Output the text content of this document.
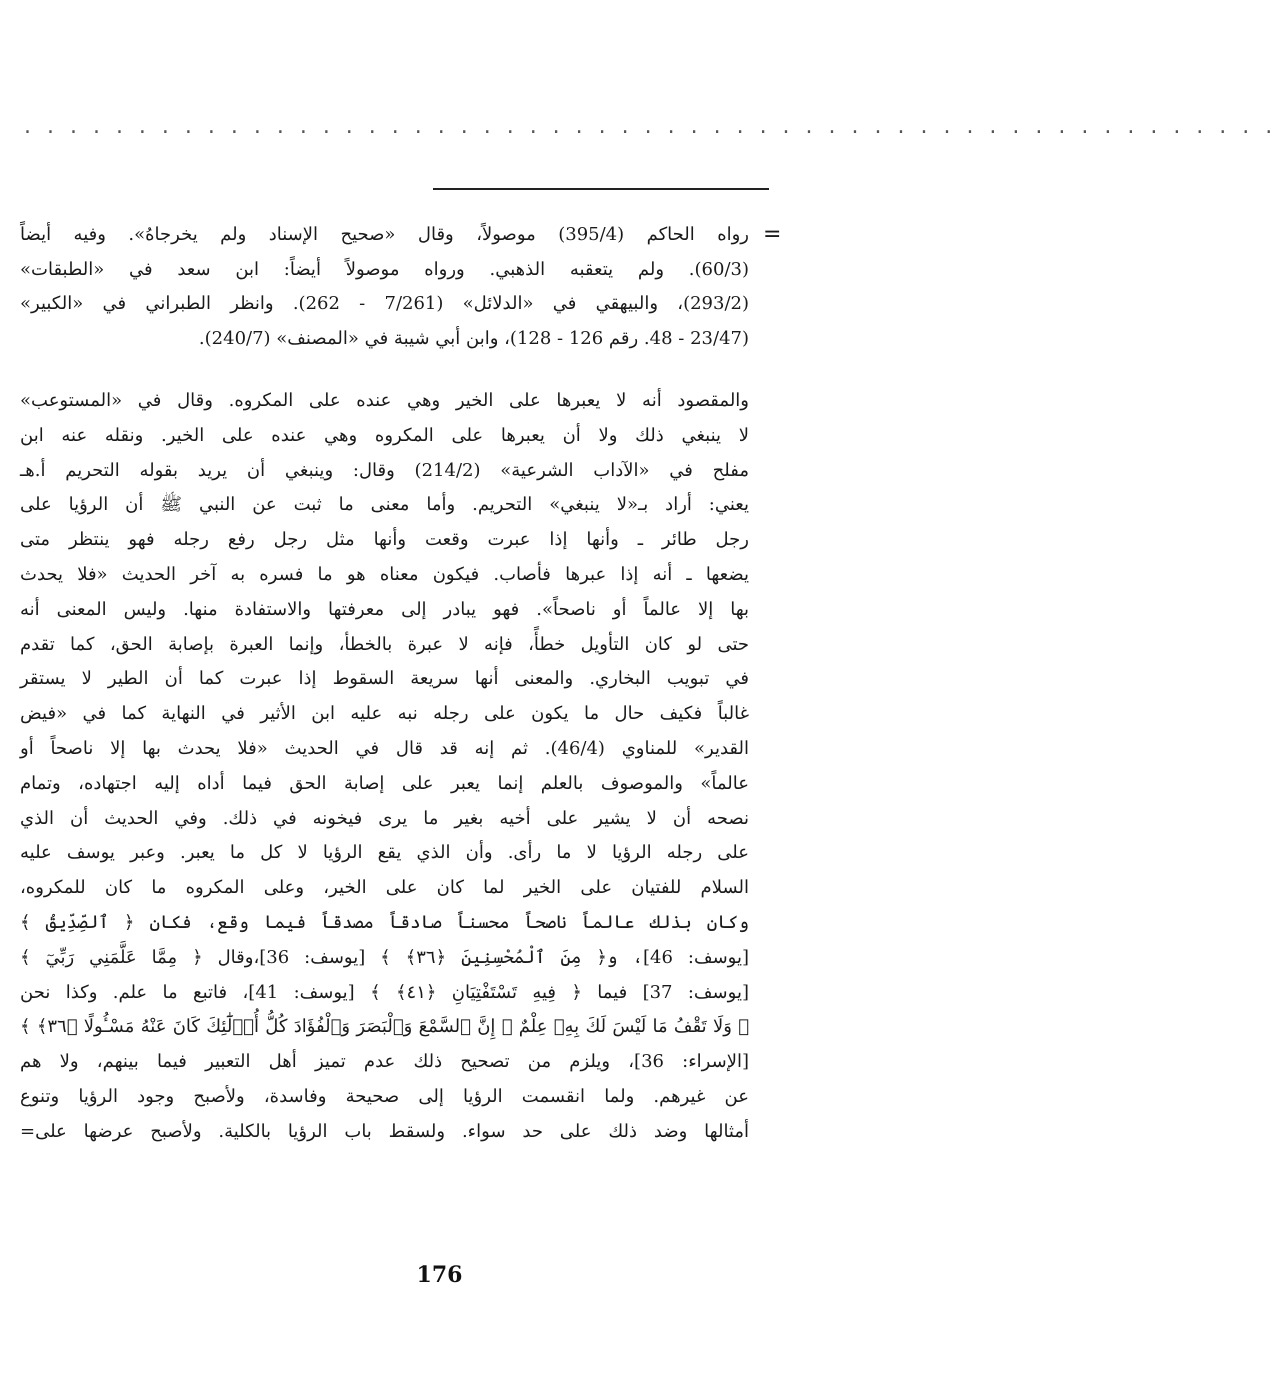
. . . . . . . . . . . . . . . . . . . . . . . . . . . . . . . . . . . . . . . . . . . . . . . . . . . . . . .
=
رواه الحاكم (395/4) موصولاً، وقال «صحيح الإسناد ولم يخرجاهُ». وفيه أيضاً
(60/3). ولم يتعقبه الذهبي. ورواه موصولاً أيضاً: ابن سعد في «الطبقات»
(293/2)، والبيهقي في «الدلائل» (7/261 - 262). وانظر الطبراني في «الكبير»
(23/47 - 48. رقم 126 - 128)، وابن أبي شيبة في «المصنف» (240/7).
والمقصود أنه لا يعبرها على الخير وهي عنده على المكروه. وقال في «المستوعب»
لا ينبغي ذلك ولا أن يعبرها على المكروه وهي عنده على الخير. ونقله عنه ابن
مفلح في «الآداب الشرعية» (214/2) وقال: وينبغي أن يريد بقوله التحريم أ.هـ
يعني: أراد بـ«لا ينبغي» التحريم. وأما معنى ما ثبت عن النبي ﷺ أن الرؤيا على
رجل طائر ـ وأنها إذا عبرت وقعت وأنها مثل رجل رفع رجله فهو ينتظر متى
يضعها ـ أنه إذا عبرها فأصاب. فيكون معناه هو ما فسره به آخر الحديث «فلا يحدث
بها إلا عالماً أو ناصحاً». فهو يبادر إلى معرفتها والاستفادة منها. وليس المعنى أنه
حتى لو كان التأويل خطأً، فإنه لا عبرة بالخطأ، وإنما العبرة بإصابة الحق، كما تقدم
في تبويب البخاري. والمعنى أنها سريعة السقوط إذا عبرت كما أن الطير لا يستقر
غالباً فكيف حال ما يكون على رجله نبه عليه ابن الأثير في النهاية كما في «فيض
القدير» للمناوي (46/4). ثم إنه قد قال في الحديث «فلا يحدث بها إلا ناصحاً أو
عالماً» والموصوف بالعلم إنما يعبر على إصابة الحق فيما أداه إليه اجتهاده، وتمام
نصحه أن لا يشير على أخيه بغير ما يرى فيخونه في ذلك. وفي الحديث أن الذي
على رجله الرؤيا لا ما رأى. وأن الذي يقع الرؤيا لا كل ما يعبر. وعبر يوسف عليه
السلام للفتيان على الخير لما كان على الخير، وعلى المكروه ما كان للمكروه،
وكان بذلك عالماً ناصحاً محسناً صادقاً مصدقاً فيما وقع، فكان ﴿ ٱلصِّدِّيقُ ﴾
[يوسف: 46]، و﴿ مِنَ ٱلْمُحْسِنِينَ ﴿٣٦﴾ ﴾ [يوسف: 36]،وقال ﴿ مِمَّا عَلَّمَنِي رَبِّيٓ ﴾
[يوسف: 37] فيما ﴿ فِيهِ تَسْتَفْتِيَانِ ﴿٤١﴾ ﴾ [يوسف: 41]، فاتبع ما علم. وكذا نحن
﴿ وَلَا تَقْفُ مَا لَيْسَ لَكَ بِهِۦ عِلْمٌ ۚ إِنَّ ٱلسَّمْعَ وَٱلْبَصَرَ وَٱلْفُؤَادَ كُلُّ أُو۟لَٰٓئِكَ كَانَ عَنْهُ مَسْـُٔولًا ﴿٣٦﴾ ﴾
[الإسراء: 36]، ويلزم من تصحيح ذلك عدم تميز أهل التعبير فيما بينهم، ولا هم
عن غيرهم. ولما انقسمت الرؤيا إلى صحيحة وفاسدة، ولأصبح وجود الرؤيا وتنوع
أمثالها وضد ذلك على حد سواء. ولسقط باب الرؤيا بالكلية. ولأصبح عرضها على=
176
